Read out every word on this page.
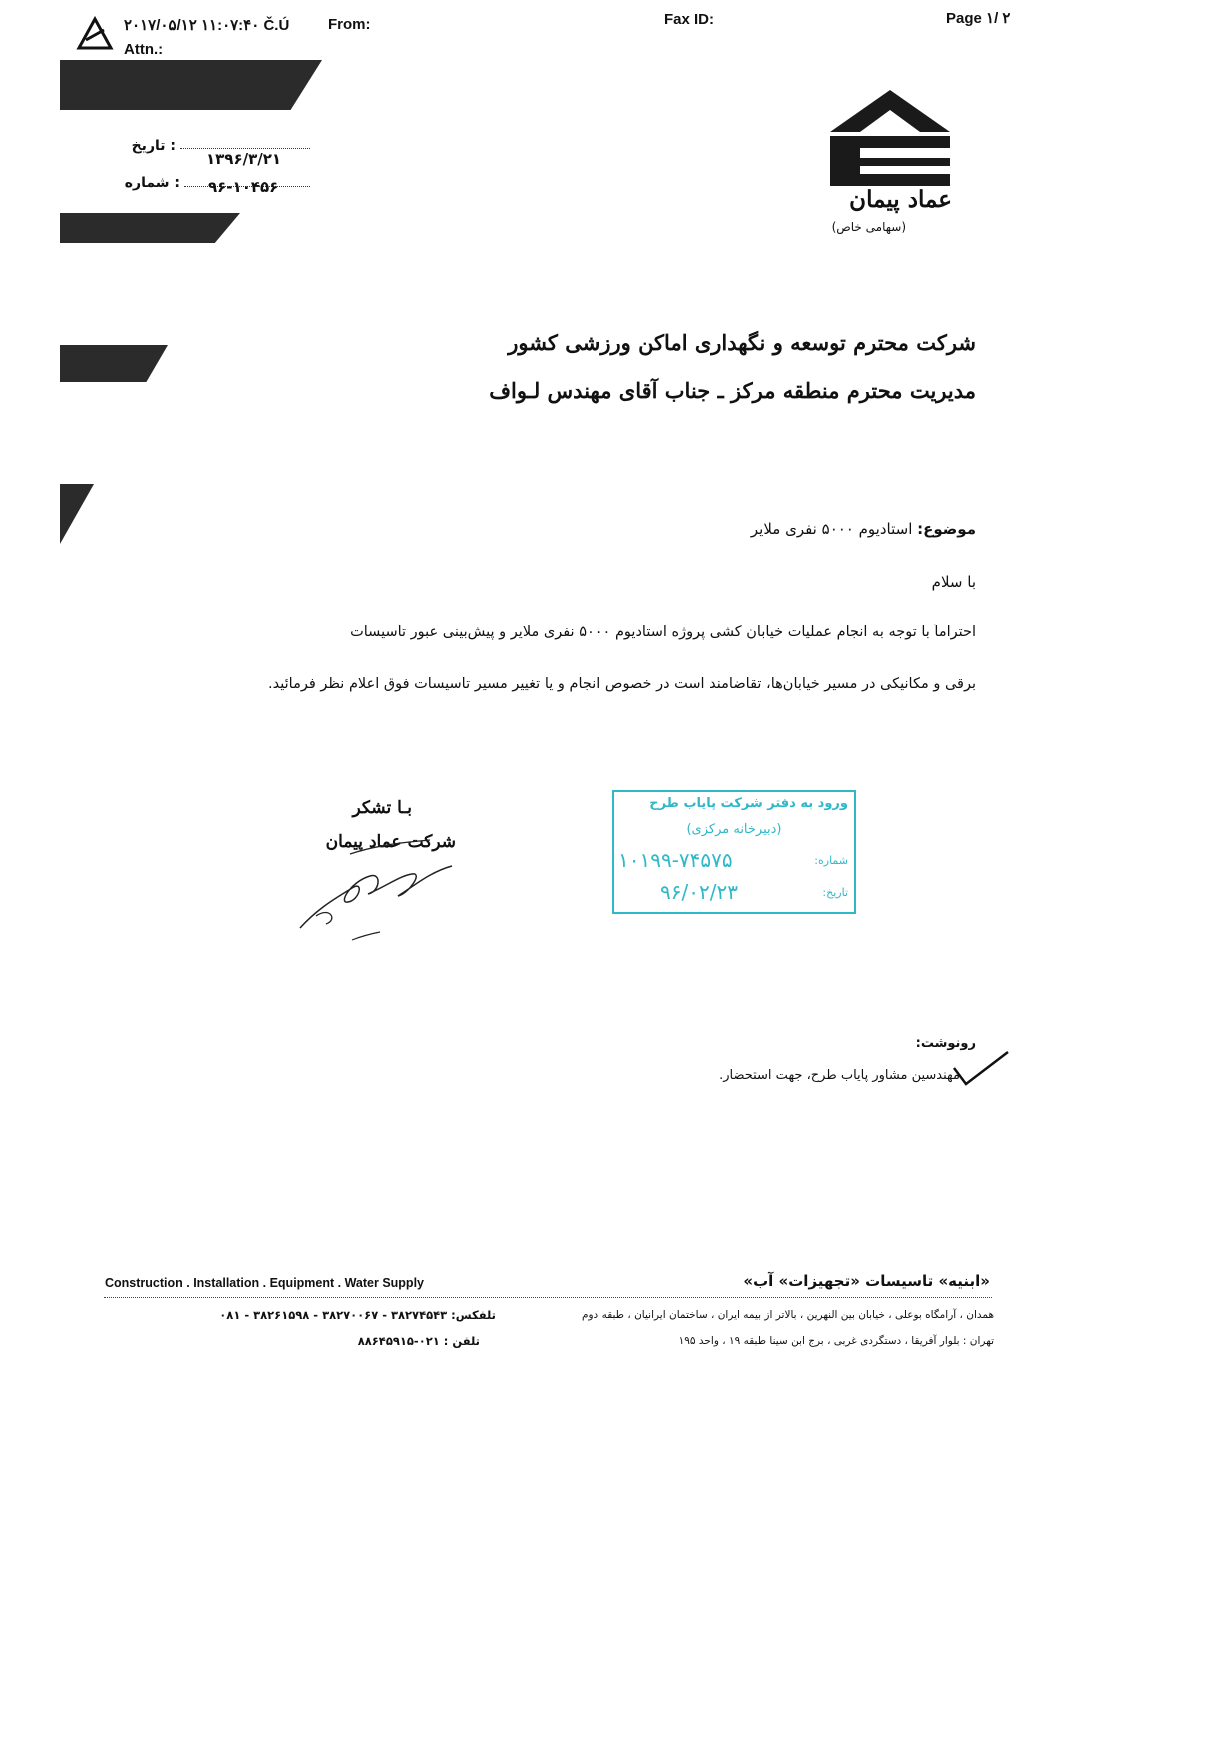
۲۰۱۷/۰۵/۱۲ ۱۱:۰۷:۴۰ Č.Ú	From:	Fax ID:	Page ۱/ ۲
Attn.:
: تاریخ
۱۳۹۶/۳/۲۱
: شماره ۹۶-۱۰۴۵۶	عماد پیمان
(سهامی خاص)
شرکت محترم توسعه و نگهداری اماکن ورزشی کشور
مدیریت محترم منطقه مرکز ـ جناب آقای مهندس لـواف
موضوع: استادیوم ۵۰۰۰ نفری ملایر
با سلام
احتراماً با توجه به انجام عملیات خیابان کشی پروژه استادیوم ۵۰۰۰ نفری ملایر و پیش‌بینی عبور تأسیسات
برقی و مکانیکی در مسیر خیابان‌ها، تقاضامند است در خصوص انجام و یا تغییر مسیر تأسیسات فوق اعلام نظر فرمائید.
بـا تشکر
شرکت عماد پیمان
ورود به دفتر شرکت پایاب طرح
(دبیرخانه مرکزی)
شماره:
۱۰۱۹۹-۷۴۵۷۵
تاریخ:
۹۶/۰۲/۲۳
رونوشت:
مهندسین مشاور پایاب طرح، جهت استحضار.
Construction . Installation . Equipment . Water Supply	«ابنیه» تاسیسات «تجهیزات» آب»
همدان ، آرامگاه بوعلی ، خیابان بین النهرین ، بالاتر از بیمه ایران ، ساختمان ایرانیان ، طبقه دوم
تلفکس: ۳۸۲۷۴۵۴۳ - ۳۸۲۷۰۰۶۷ - ۳۸۲۶۱۵۹۸ - ۰۸۱
تهران : بلوار آفریقا ، دستگردی غربی ، برج ابن سینا طبقه ۱۹ ، واحد ۱۹۵
تلفن : ۰۲۱-۸۸۶۴۵۹۱۵
